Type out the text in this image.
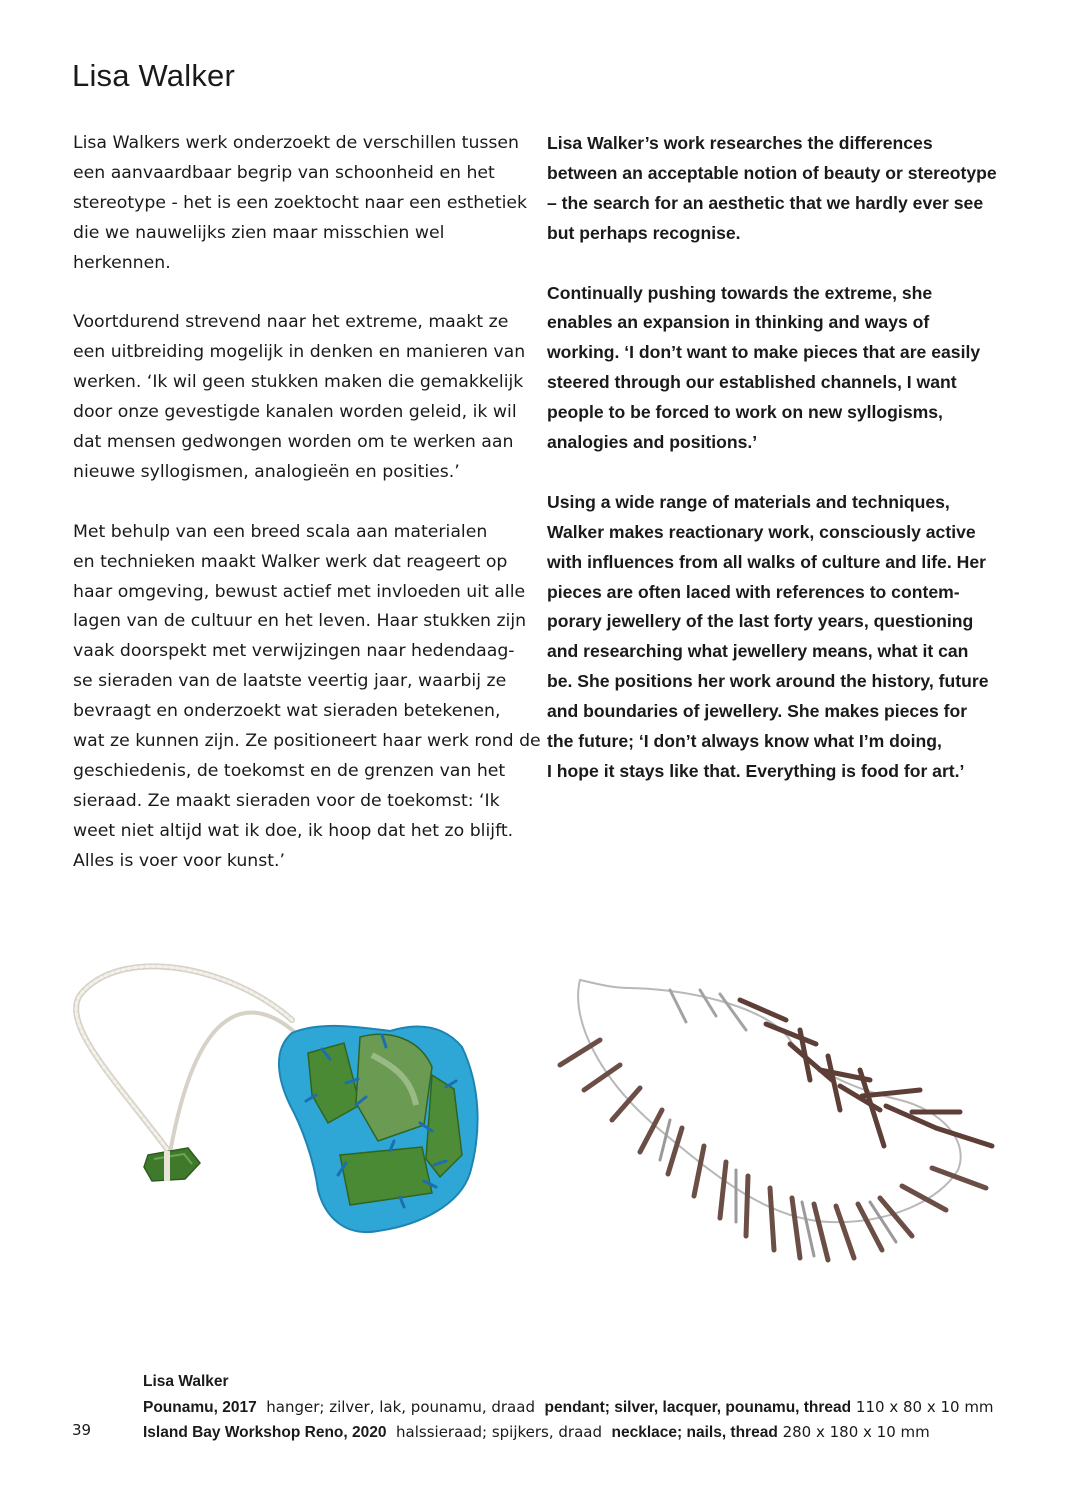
Lisa Walker

Lisa Walkers werk onderzoekt de verschillen tussen
een aanvaardbaar begrip van schoonheid en het
stereotype - het is een zoektocht naar een esthetiek
die we nauwelijks zien maar misschien wel
herkennen.

Voortdurend strevend naar het extreme, maakt ze
een uitbreiding mogelijk in denken en manieren van
werken. ‘Ik wil geen stukken maken die gemakkelijk
door onze gevestigde kanalen worden geleid, ik wil
dat mensen gedwongen worden om te werken aan
nieuwe syllogismen, analogieën en posities.’

Met behulp van een breed scala aan materialen
en technieken maakt Walker werk dat reageert op
haar omgeving, bewust actief met invloeden uit alle
lagen van de cultuur en het leven. Haar stukken zijn
vaak doorspekt met verwijzingen naar hedendaag-
se sieraden van de laatste veertig jaar, waarbij ze
bevraagt en onderzoekt wat sieraden betekenen,
wat ze kunnen zijn. Ze positioneert haar werk rond de
geschiedenis, de toekomst en de grenzen van het
sieraad. Ze maakt sieraden voor de toekomst: ‘Ik
weet niet altijd wat ik doe, ik hoop dat het zo blijft.
Alles is voer voor kunst.’

Lisa Walker’s work researches the differences
between an acceptable notion of beauty or stereotype
– the search for an aesthetic that we hardly ever see
but perhaps recognise.

Continually pushing towards the extreme, she
enables an expansion in thinking and ways of
working. ‘I don’t want to make pieces that are easily
steered through our established channels, I want
people to be forced to work on new syllogisms,
analogies and positions.’

Using a wide range of materials and techniques,
Walker makes reactionary work, consciously active
with influences from all walks of culture and life. Her
pieces are often laced with references to contem-
porary jewellery of the last forty years, questioning
and researching what jewellery means, what it can
be. She positions her work around the history, future
and boundaries of jewellery. She makes pieces for
the future; ‘I don’t always know what I’m doing,
I hope it stays like that. Everything is food for art.’

Lisa Walker
Pounamu, 2017 hanger; zilver, lak, pounamu, draad pendant; silver, lacquer, pounamu, thread 110 x 80 x 10 mm
Island Bay Workshop Reno, 2020 halssieraad; spijkers, draad necklace; nails, thread 280 x 180 x 10 mm
39
